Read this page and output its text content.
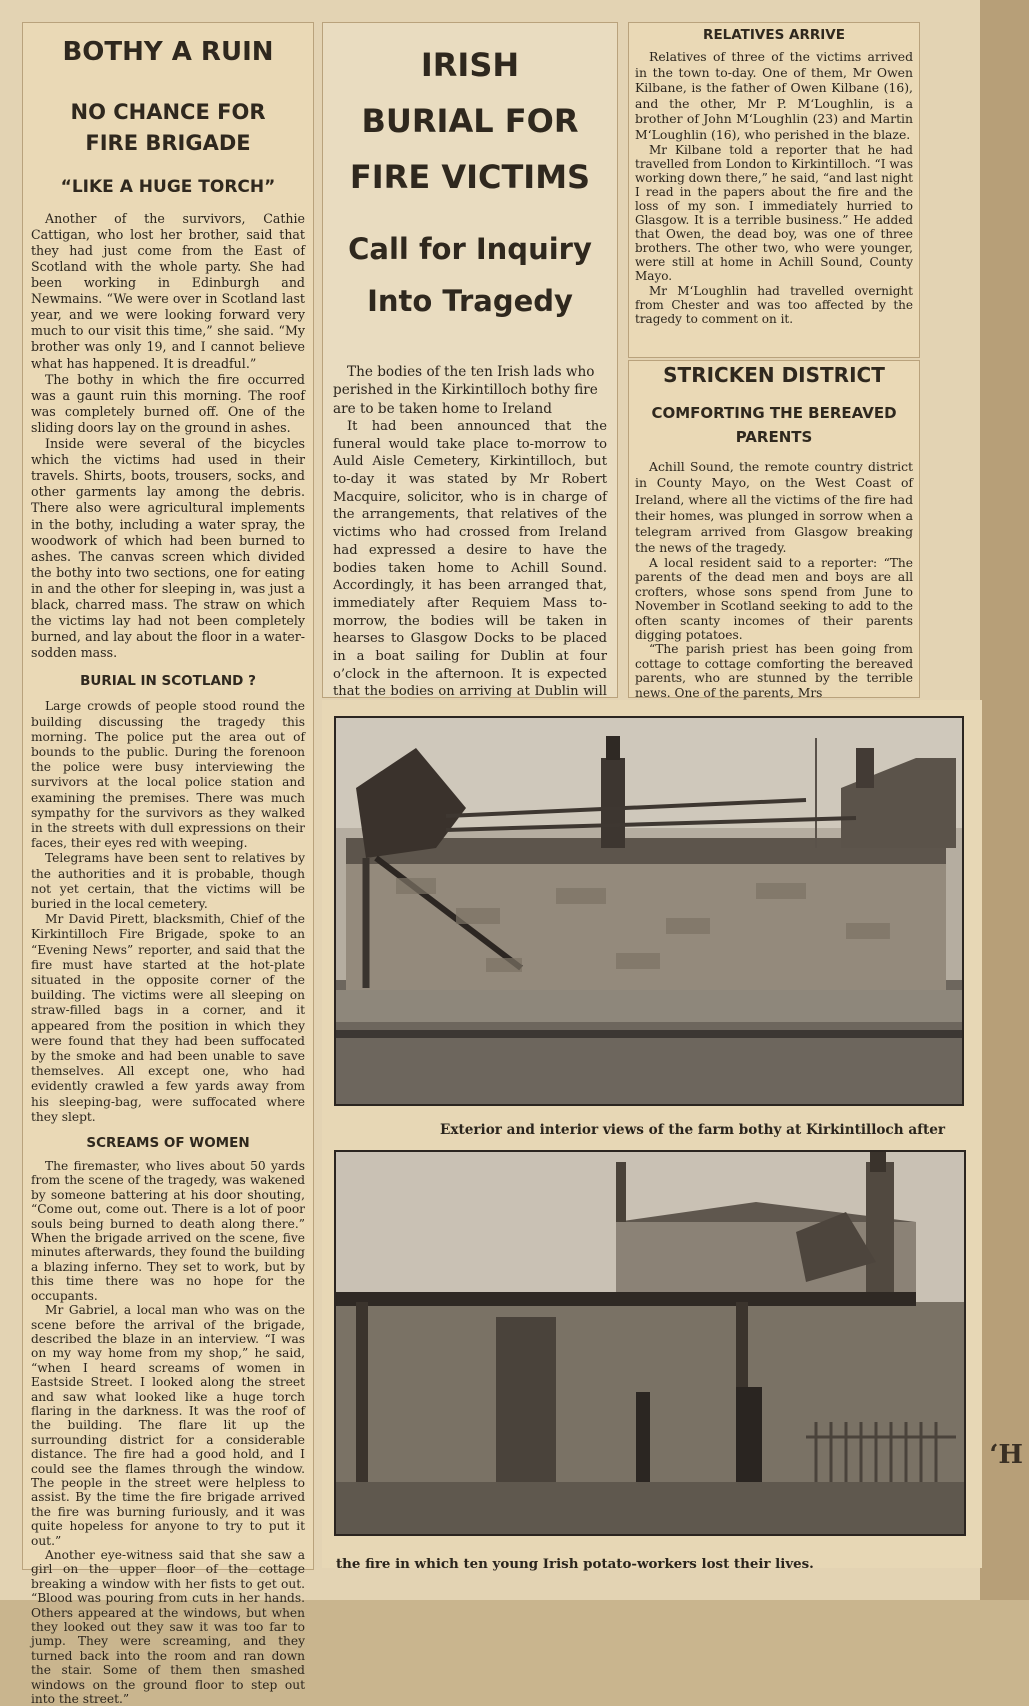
‘H
BOTHY A RUIN
NO CHANCE FOR FIRE BRIGADE
“LIKE A HUGE TORCH”

Another of the survivors, Cathie Cattigan, who lost her brother, said that they had just come from the East of Scotland with the whole party. She had been working in Edinburgh and Newmains. “We were over in Scotland last year, and we were looking forward very much to our visit this time,” she said. “My brother was only 19, and I cannot believe what has happened. It is dreadful.”

The bothy in which the fire occurred was a gaunt ruin this morning. The roof was completely burned off. One of the sliding doors lay on the ground in ashes.

Inside were several of the bicycles which the victims had used in their travels. Shirts, boots, trousers, socks, and other garments lay among the debris. There also were agricultural implements in the bothy, including a water spray, the woodwork of which had been burned to ashes. The canvas screen which divided the bothy into two sections, one for eating in and the other for sleeping in, was just a black, charred mass. The straw on which the victims lay had not been completely burned, and lay about the floor in a water-sodden mass.

BURIAL IN SCOTLAND ?

Large crowds of people stood round the building discussing the tragedy this morning. The police put the area out of bounds to the public. During the forenoon the police were busy interviewing the survivors at the local police station and examining the premises. There was much sympathy for the survivors as they walked in the streets with dull expressions on their faces, their eyes red with weeping.

Telegrams have been sent to relatives by the authorities and it is probable, though not yet certain, that the victims will be buried in the local cemetery.

Mr David Pirett, blacksmith, Chief of the Kirkintilloch Fire Brigade, spoke to an “Evening News” reporter, and said that the fire must have started at the hot-plate situated in the opposite corner of the building. The victims were all sleeping on straw-filled bags in a corner, and it appeared from the position in which they were found that they had been suffocated by the smoke and had been unable to save themselves. All except one, who had evidently crawled a few yards away from his sleeping-bag, were suffocated where they slept.

SCREAMS OF WOMEN

The firemaster, who lives about 50 yards from the scene of the tragedy, was wakened by someone battering at his door shouting, “Come out, come out. There is a lot of poor souls being burned to death along there.” When the brigade arrived on the scene, five minutes afterwards, they found the building a blazing inferno. They set to work, but by this time there was no hope for the occupants.

Mr Gabriel, a local man who was on the scene before the arrival of the brigade, described the blaze in an interview. “I was on my way home from my shop,” he said, “when I heard screams of women in Eastside Street. I looked along the street and saw what looked like a huge torch flaring in the darkness. It was the roof of the building. The flare lit up the surrounding district for a considerable distance. The fire had a good hold, and I could see the flames through the window. The people in the street were helpless to assist. By the time the fire brigade arrived the fire was burning furiously, and it was quite hopeless for anyone to try to put it out.”

Another eye-witness said that she saw a girl on the upper floor of the cottage breaking a window with her fists to get out. “Blood was pouring from cuts in her hands. Others appeared at the windows, but when they looked out they saw it was too far to jump. They were screaming, and they turned back into the room and ran down the stair. Some of them then smashed windows on the ground floor to step out into the street.”

IRISH
BURIAL FOR
FIRE VICTIMS
Call for Inquiry
Into Tragedy

The bodies of the ten Irish lads who perished in the Kirkintilloch bothy fire are to be taken home to Ireland

It had been announced that the funeral would take place to-morrow to Auld Aisle Cemetery, Kirkintilloch, but to-day it was stated by Mr Robert Macquire, solicitor, who is in charge of the arrangements, that relatives of the victims who had crossed from Ireland had expressed a desire to have the bodies taken home to Achill Sound. Accordingly, it has been arranged that, immediately after Requiem Mass to-morrow, the bodies will be taken in hearses to Glasgow Docks to be placed in a boat sailing for Dublin at four o’clock in the afternoon. It is expected that the bodies on arriving at Dublin will

RELATIVES ARRIVE

Relatives of three of the victims arrived in the town to-day. One of them, Mr Owen Kilbane, is the father of Owen Kilbane (16), and the other, Mr P. M‘Loughlin, is a brother of John M‘Loughlin (23) and Martin M‘Loughlin (16), who perished in the blaze.

Mr Kilbane told a reporter that he had travelled from London to Kirkintilloch. “I was working down there,” he said, “and last night I read in the papers about the fire and the loss of my son. I immediately hurried to Glasgow. It is a terrible business.” He added that Owen, the dead boy, was one of three brothers. The other two, who were younger, were still at home in Achill Sound, County Mayo.

Mr M‘Loughlin had travelled overnight from Chester and was too affected by the tragedy to comment on it.

STRICKEN DISTRICT
COMFORTING THE BEREAVED
PARENTS

Achill Sound, the remote country district in County Mayo, on the West Coast of Ireland, where all the victims of the fire had their homes, was plunged in sorrow when a telegram arrived from Glasgow breaking the news of the tragedy.

A local resident said to a reporter: “The parents of the dead men and boys are all crofters, whose sons spend from June to November in Scotland seeking to add to the often scanty incomes of their parents digging potatoes.

“The parish priest has been going from cottage to cottage comforting the bereaved parents, who are stunned by the terrible news. One of the parents, Mrs

Exterior and interior views of the farm bothy at Kirkintilloch after
the fire in which ten young Irish potato-workers lost their lives.
